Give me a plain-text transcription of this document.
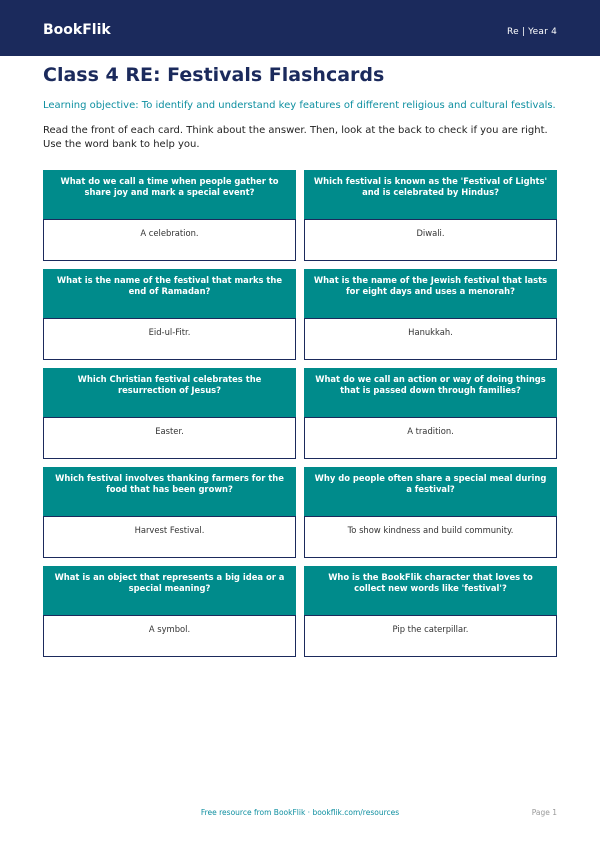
BookFlik	Re | Year 4
Class 4 RE: Festivals Flashcards

Learning objective: To identify and understand key features of different religious and cultural festivals.

Read the front of each card. Think about the answer. Then, look at the back to check if you are right. Use the word bank to help you.

What do we call a time when people gather to share joy and mark a special event?
A celebration.
Which festival is known as the 'Festival of Lights' and is celebrated by Hindus?
Diwali.
What is the name of the festival that marks the end of Ramadan?
Eid-ul-Fitr.
What is the name of the Jewish festival that lasts for eight days and uses a menorah?
Hanukkah.
Which Christian festival celebrates the resurrection of Jesus?
Easter.
What do we call an action or way of doing things that is passed down through families?
A tradition.
Which festival involves thanking farmers for the food that has been grown?
Harvest Festival.
Why do people often share a special meal during a festival?
To show kindness and build community.
What is an object that represents a big idea or a special meaning?
A symbol.
Who is the BookFlik character that loves to collect new words like 'festival'?
Pip the caterpillar.
Free resource from BookFlik · bookflik.com/resources	Page 1
